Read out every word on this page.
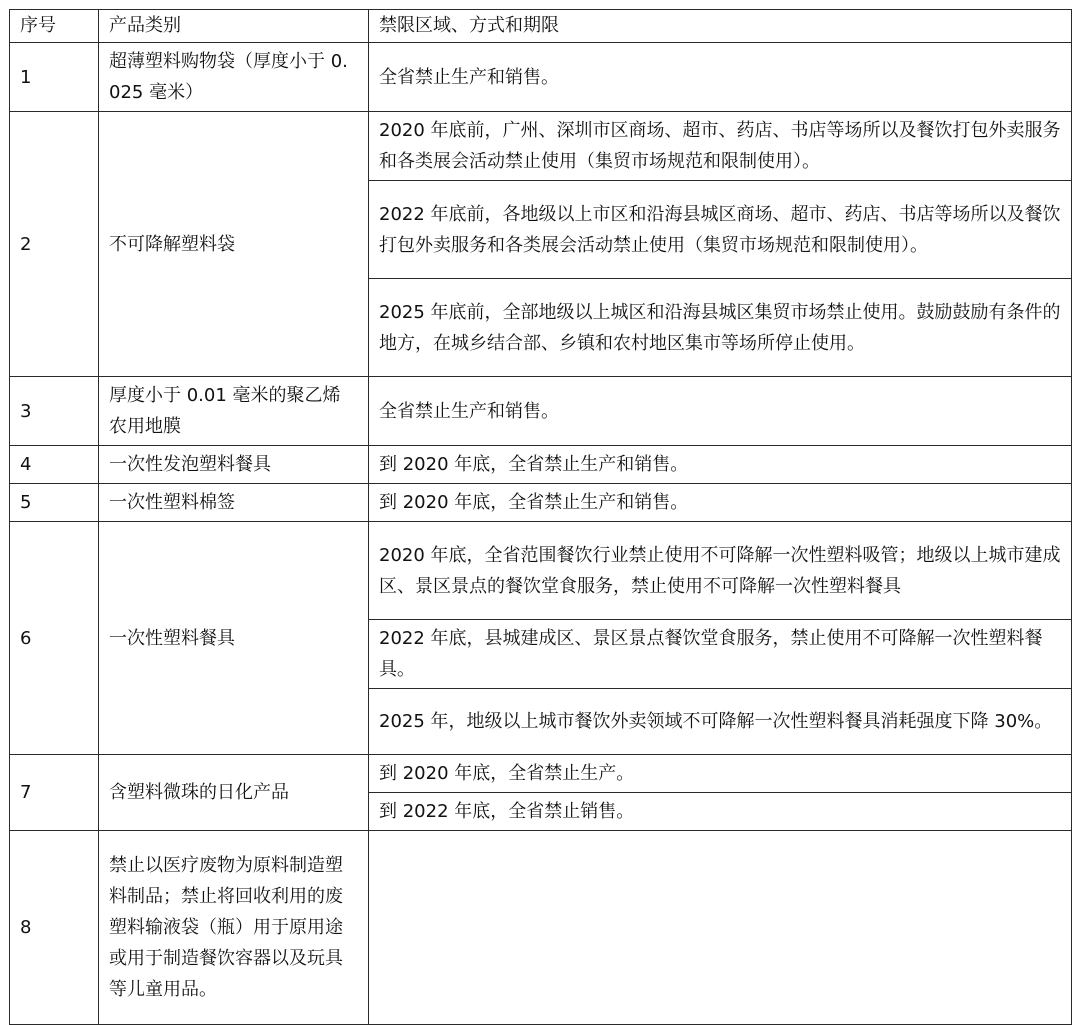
序号	产品类别	禁限区域、方式和期限
1	超薄塑料购物袋（厚度小于 0.025 毫米）	全省禁止生产和销售。
2	不可降解塑料袋	2020 年底前，广州、深圳市区商场、超市、药店、书店等场所以及餐饮打包外卖服务和各类展会活动禁止使用（集贸市场规范和限制使用）。
		2022 年底前，各地级以上市区和沿海县城区商场、超市、药店、书店等场所以及餐饮打包外卖服务和各类展会活动禁止使用（集贸市场规范和限制使用）。
		2025 年底前，全部地级以上城区和沿海县城区集贸市场禁止使用。鼓励鼓励有条件的地方，在城乡结合部、乡镇和农村地区集市等场所停止使用。
3	厚度小于 0.01 毫米的聚乙烯农用地膜	全省禁止生产和销售。
4	一次性发泡塑料餐具	到 2020 年底，全省禁止生产和销售。
5	一次性塑料棉签	到 2020 年底，全省禁止生产和销售。
6	一次性塑料餐具	2020 年底，全省范围餐饮行业禁止使用不可降解一次性塑料吸管；地级以上城市建成区、景区景点的餐饮堂食服务，禁止使用不可降解一次性塑料餐具
		2022 年底，县城建成区、景区景点餐饮堂食服务，禁止使用不可降解一次性塑料餐具。
		2025 年，地级以上城市餐饮外卖领域不可降解一次性塑料餐具消耗强度下降 30%。
7	含塑料微珠的日化产品	到 2020 年底，全省禁止生产。
		到 2022 年底，全省禁止销售。
8	禁止以医疗废物为原料制造塑料制品；禁止将回收利用的废塑料输液袋（瓶）用于原用途或用于制造餐饮容器以及玩具等儿童用品。	
